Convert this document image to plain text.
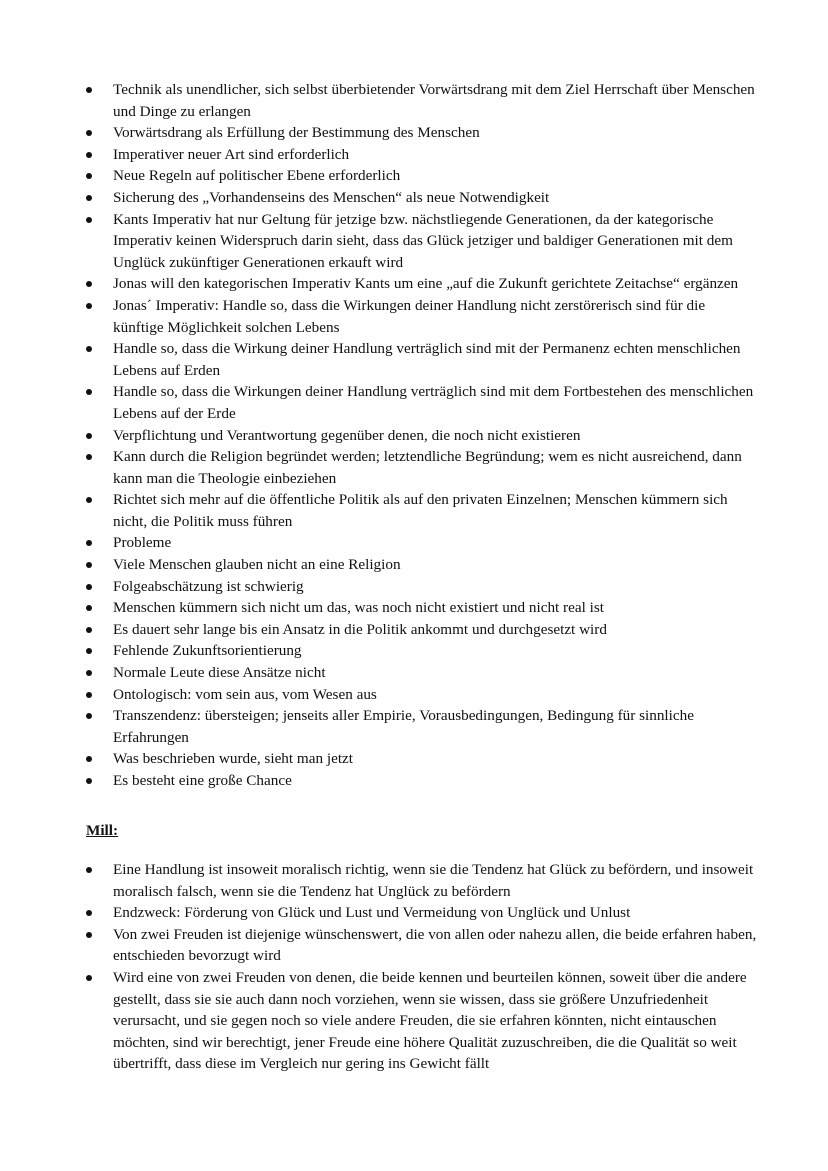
Technik als unendlicher, sich selbst überbietender Vorwärtsdrang mit dem Ziel Herrschaft über Menschen und Dinge zu erlangen
Vorwärtsdrang als Erfüllung der Bestimmung des Menschen
Imperativer neuer Art sind erforderlich
Neue Regeln auf politischer Ebene erforderlich
Sicherung des „Vorhandenseins des Menschen“ als neue Notwendigkeit
Kants Imperativ hat nur Geltung für jetzige bzw. nächstliegende Generationen, da der kategorische Imperativ keinen Widerspruch darin sieht, dass das Glück jetziger und baldiger Generationen mit dem Unglück zukünftiger Generationen erkauft wird
Jonas will den kategorischen Imperativ Kants um eine „auf die Zukunft gerichtete Zeitachse“ ergänzen
Jonas´ Imperativ: Handle so, dass die Wirkungen deiner Handlung nicht zerstörerisch sind für die künftige Möglichkeit solchen Lebens
Handle so, dass die Wirkung deiner Handlung verträglich sind mit der Permanenz echten menschlichen Lebens auf Erden
Handle so, dass die Wirkungen deiner Handlung verträglich sind mit dem Fortbestehen des menschlichen Lebens auf der Erde
Verpflichtung und Verantwortung gegenüber denen, die noch nicht existieren
Kann durch die Religion begründet werden; letztendliche Begründung; wem es nicht ausreichend, dann kann man die Theologie einbeziehen
Richtet sich mehr auf die öffentliche Politik als auf den privaten Einzelnen; Menschen kümmern sich nicht, die Politik muss führen
Probleme
Viele Menschen glauben nicht an eine Religion
Folgeabschätzung ist schwierig
Menschen kümmern sich nicht um das, was noch nicht existiert und nicht real ist
Es dauert sehr lange bis ein Ansatz in die Politik ankommt und durchgesetzt wird
Fehlende Zukunftsorientierung
Normale Leute diese Ansätze nicht
Ontologisch: vom sein aus, vom Wesen aus
Transzendenz: übersteigen; jenseits aller Empirie, Vorausbedingungen, Bedingung für sinnliche Erfahrungen
Was beschrieben wurde, sieht man jetzt
Es besteht eine große Chance
Mill:
Eine Handlung ist insoweit moralisch richtig, wenn sie die Tendenz hat Glück zu befördern, und insoweit moralisch falsch, wenn sie die Tendenz hat Unglück zu befördern
Endzweck: Förderung von Glück und Lust und Vermeidung von Unglück und Unlust
Von zwei Freuden ist diejenige wünschenswert, die von allen oder nahezu allen, die beide erfahren haben, entschieden bevorzugt wird
Wird eine von zwei Freuden von denen, die beide kennen und beurteilen können, soweit über die andere gestellt, dass sie sie auch dann noch vorziehen, wenn sie wissen, dass sie größere Unzufriedenheit verursacht, und sie gegen noch so viele andere Freuden, die sie erfahren könnten, nicht eintauschen möchten, sind wir berechtigt, jener Freude eine höhere Qualität zuzuschreiben, die die Qualität so weit übertrifft, dass diese im Vergleich nur gering ins Gewicht fällt
